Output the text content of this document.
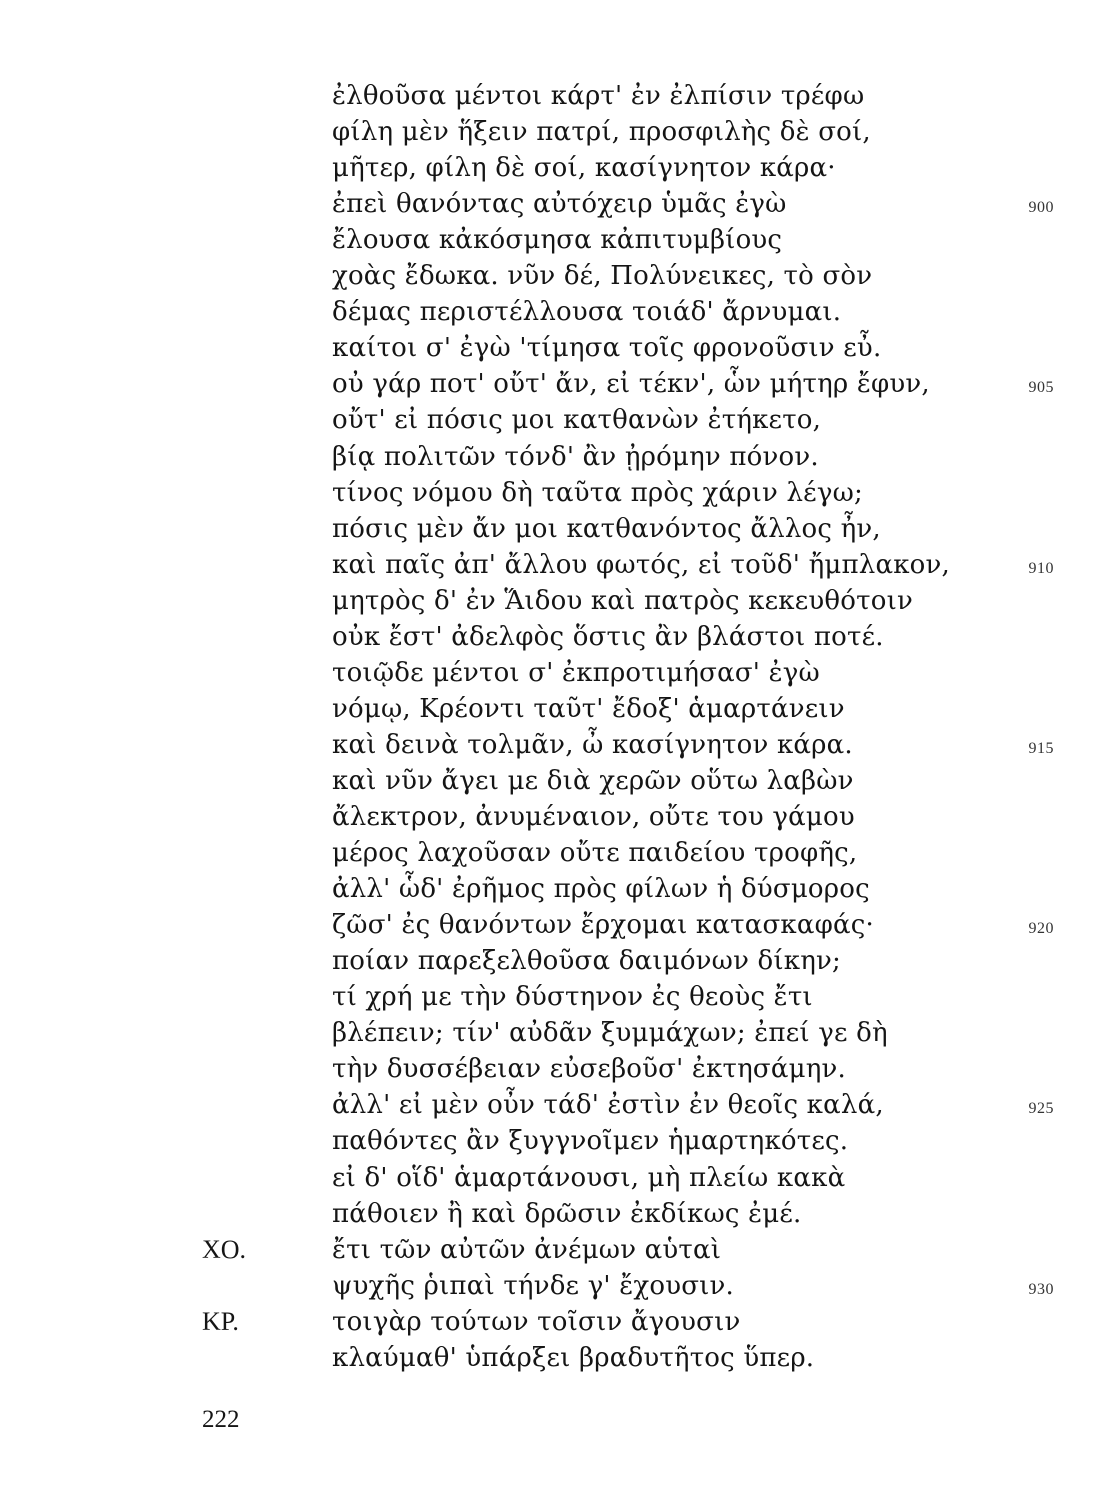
ἐλθοῦσα μέντοι κάρτ' ἐν ἐλπίσιν τρέφω
φίλη μὲν ἥξειν πατρί, προσφιλὴς δὲ σοί,
μῆτερ, φίλη δὲ σοί, κασίγνητον κάρα·
ἐπεὶ θανόντας αὐτόχειρ ὑμᾶς ἐγὼ	900
ἔλουσα κἀκόσμησα κἀπιτυμβίους
χοὰς ἔδωκα. νῦν δέ, Πολύνεικες, τὸ σὸν
δέμας περιστέλλουσα τοιάδ' ἄρνυμαι.
καίτοι σ' ἐγὼ 'τίμησα τοῖς φρονοῦσιν εὖ.
οὐ γάρ ποτ' οὔτ' ἄν, εἰ τέκν', ὧν μήτηρ ἔφυν,	905
οὔτ' εἰ πόσις μοι κατθανὼν ἐτήκετο,
βίᾳ πολιτῶν τόνδ' ἂν ᾐρόμην πόνον.
τίνος νόμου δὴ ταῦτα πρὸς χάριν λέγω;
πόσις μὲν ἄν μοι κατθανόντος ἄλλος ἦν,
καὶ παῖς ἀπ' ἄλλου φωτός, εἰ τοῦδ' ἤμπλακον,	910
μητρὸς δ' ἐν Ἅιδου καὶ πατρὸς κεκευθότοιν
οὐκ ἔστ' ἀδελφὸς ὅστις ἂν βλάστοι ποτέ.
τοιῷδε μέντοι σ' ἐκπροτιμήσασ' ἐγὼ
νόμῳ, Κρέοντι ταῦτ' ἔδοξ' ἁμαρτάνειν
καὶ δεινὰ τολμᾶν, ὦ κασίγνητον κάρα.	915
καὶ νῦν ἄγει με διὰ χερῶν οὕτω λαβὼν
ἄλεκτρον, ἀνυμέναιον, οὔτε του γάμου
μέρος λαχοῦσαν οὔτε παιδείου τροφῆς,
ἀλλ' ὧδ' ἐρῆμος πρὸς φίλων ἡ δύσμορος
ζῶσ' ἐς θανόντων ἔρχομαι κατασκαφάς·	920
ποίαν παρεξελθοῦσα δαιμόνων δίκην;
τί χρή με τὴν δύστηνον ἐς θεοὺς ἔτι
βλέπειν; τίν' αὐδᾶν ξυμμάχων; ἐπεί γε δὴ
τὴν δυσσέβειαν εὐσεβοῦσ' ἐκτησάμην.
ἀλλ' εἰ μὲν οὖν τάδ' ἐστὶν ἐν θεοῖς καλά,	925
παθόντες ἂν ξυγγνοῖμεν ἡμαρτηκότες.
εἰ δ' οἵδ' ἁμαρτάνουσι, μὴ πλείω κακὰ
πάθοιεν ἢ καὶ δρῶσιν ἐκδίκως ἐμέ.
ΧΟ.	ἔτι τῶν αὐτῶν ἀνέμων αὑταὶ
ψυχῆς ῥιπαὶ τήνδε γ' ἔχουσιν.	930
ΚΡ.	τοιγὰρ τούτων τοῖσιν ἄγουσιν
κλαύμαθ' ὑπάρξει βραδυτῆτος ὕπερ.
222
